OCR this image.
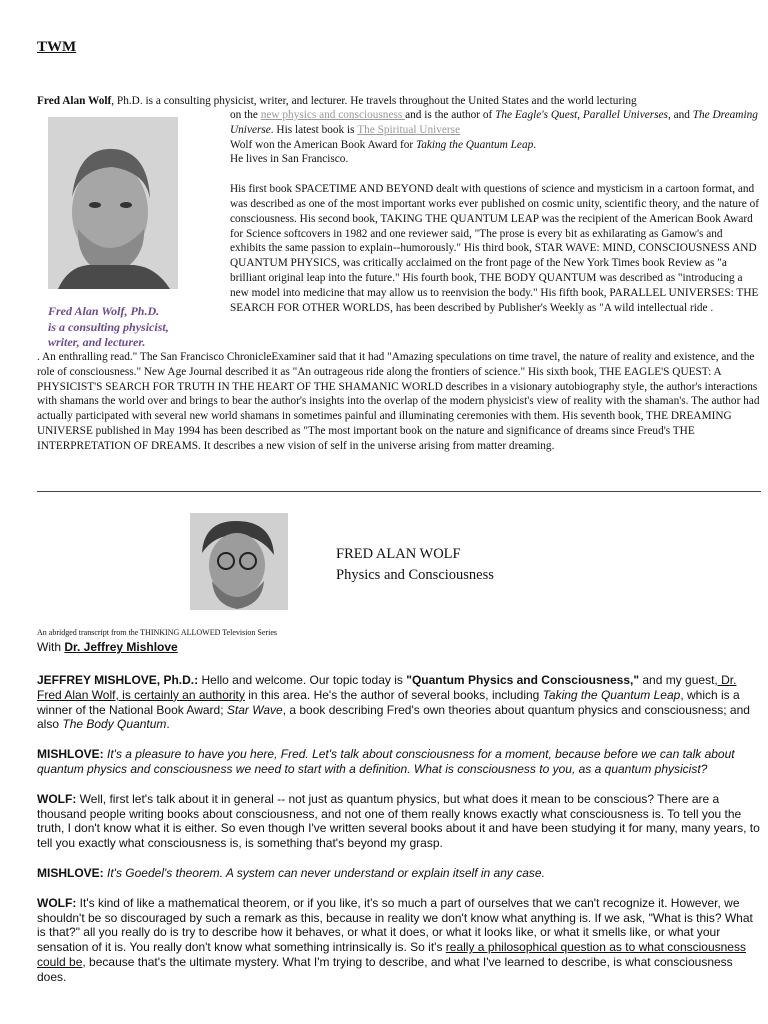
TWM
Fred Alan Wolf, Ph.D. is a consulting physicist, writer, and lecturer. He travels throughout the United States and the world lecturing
Fred Alan Wolf, Ph.D.
is a consulting physicist,
writer, and lecturer.

on the new physics and consciousness and is the author of The Eagle's Quest, Parallel Universes, and The Dreaming Universe. His latest book is The Spiritual Universe
Wolf won the American Book Award for Taking the Quantum Leap.
He lives in San Francisco.

His first book SPACETIME AND BEYOND dealt with questions of science and mysticism in a cartoon format, and was described as one of the most important works ever published on cosmic unity, scientific theory, and the nature of consciousness. His second book, TAKING THE QUANTUM LEAP was the recipient of the American Book Award for Science softcovers in 1982 and one reviewer said, "The prose is every bit as exhilarating as Gamow's and exhibits the same passion to explain--humorously." His third book, STAR WAVE: MIND, CONSCIOUSNESS AND QUANTUM PHYSICS, was critically acclaimed on the front page of the New York Times book Review as "a brilliant original leap into the future." His fourth book, THE BODY QUANTUM was described as "introducing a new model into medicine that may allow us to reenvision the body." His fifth book, PARALLEL UNIVERSES: THE SEARCH FOR OTHER WORLDS, has been described by Publisher's Weekly as "A wild intellectual ride .

. An enthralling read." The San Francisco ChronicleExaminer said that it had "Amazing speculations on time travel, the nature of reality and existence, and the role of consciousness." New Age Journal described it as "An outrageous ride along the frontiers of science." His sixth book, THE EAGLE'S QUEST: A PHYSICIST'S SEARCH FOR TRUTH IN THE HEART OF THE SHAMANIC WORLD describes in a visionary autobiography style, the author's interactions with shamans the world over and brings to bear the author's insights into the overlap of the modern physicist's view of reality with the shaman's. The author had actually participated with several new world shamans in sometimes painful and illuminating ceremonies with them. His seventh book, THE DREAMING UNIVERSE published in May 1994 has been described as "The most important book on the nature and significance of dreams since Freud's THE INTERPRETATION OF DREAMS. It describes a new vision of self in the universe arising from matter dreaming.
FRED ALAN WOLF
Physics and Consciousness
An abridged transcript from the THINKING ALLOWED Television Series
With Dr. Jeffrey Mishlove

JEFFREY MISHLOVE, Ph.D.: Hello and welcome. Our topic today is "Quantum Physics and Consciousness," and my guest, Dr. Fred Alan Wolf, is certainly an authority in this area. He's the author of several books, including Taking the Quantum Leap, which is a winner of the National Book Award; Star Wave, a book describing Fred's own theories about quantum physics and consciousness; and also The Body Quantum.

MISHLOVE: It's a pleasure to have you here, Fred. Let's talk about consciousness for a moment, because before we can talk about quantum physics and consciousness we need to start with a definition. What is consciousness to you, as a quantum physicist?

WOLF: Well, first let's talk about it in general -- not just as quantum physics, but what does it mean to be conscious? There are a thousand people writing books about consciousness, and not one of them really knows exactly what consciousness is. To tell you the truth, I don't know what it is either. So even though I've written several books about it and have been studying it for many, many years, to tell you exactly what consciousness is, is something that's beyond my grasp.

MISHLOVE: It's Goedel's theorem. A system can never understand or explain itself in any case.

WOLF: It's kind of like a mathematical theorem, or if you like, it's so much a part of ourselves that we can't recognize it. However, we shouldn't be so discouraged by such a remark as this, because in reality we don't know what anything is. If we ask, "What is this? What is that?" all you really do is try to describe how it behaves, or what it does, or what it looks like, or what it smells like, or what your sensation of it is. You really don't know what something intrinsically is. So it's really a philosophical question as to what consciousness could be, because that's the ultimate mystery. What I'm trying to describe, and what I've learned to describe, is what consciousness does.
